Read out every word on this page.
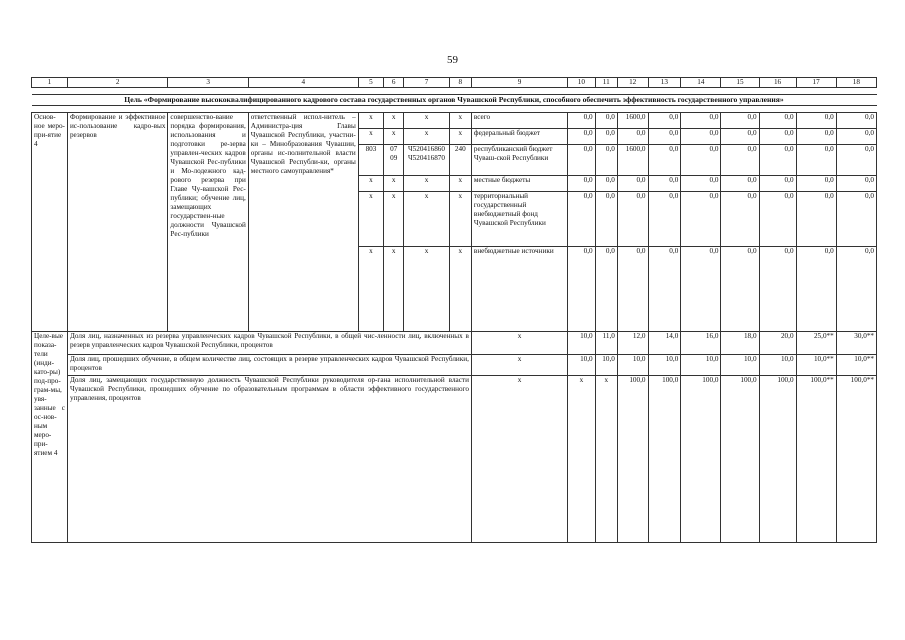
59
1	2	3	4	5	6	7	8	9	10	11	12	13	14	15	16	17	18

Цель «Формирование высококвалифицированного кадрового состава государственных органов Чувашской Республики, способного обеспечить эффективность государственного управления»																	

Основ-ное меро-при-ятие 4	Формирование и эффективное ис-пользование кадро-вых резервов	совершенство-вание порядка формирования, использования и подготовки ре-зерва управлен-ческих кадров Чувашской Рес-публики и Мо-лодежного кад-рового резерва при Главе Чу-вашской Рес-публики; обучение лиц, замещающих государствен-ные должности Чувашской Рес-публики	ответственный испол-нитель – Администра-ция Главы Чувашской Республики, участни-ки – Минобразования Чувашии, органы ис-полнительной власти Чувашской Республи-ки, органы местного самоуправления*	x	x	x	x	всего	0,0	0,0	1600,0	0,0	0,0	0,0	0,0	0,0	0,0
				x	x	x	x	федеральный бюджет	0,0	0,0	0,0	0,0	0,0	0,0	0,0	0,0	0,0
				803	07 09	Ч520416860 Ч520416870	240	республиканский бюджет Чуваш-ской Республики	0,0	0,0	1600,0	0,0	0,0	0,0	0,0	0,0	0,0
				x	x	x	x	местные бюджеты	0,0	0,0	0,0	0,0	0,0	0,0	0,0	0,0	0,0
				x	x	x	x	территориальный государственный внебюджетный фонд Чувашской Республики	0,0	0,0	0,0	0,0	0,0	0,0	0,0	0,0	0,0
				x	x	x	x	внебюджетные источники	0,0	0,0	0,0	0,0	0,0	0,0	0,0	0,0	0,0
Целе-вые показа-тели (инди-като-ры) под-про-грам-мы, увя-занные с ос-нов-ным меро-при-ятием 4	Доля лиц, назначенных из резерва управленческих кадров Чувашской Республики, в общей чис-ленности лиц, включенных в резерв управленческих кадров Чувашской Республики, процентов							x	10,0	11,0	12,0	14,0	16,0	18,0	20,0	25,0**	30,0**
	Доля лиц, прошедших обучение, в общем количестве лиц, состоящих в резерве управленческих кадров Чувашской Республики, процентов							x	10,0	10,0	10,0	10,0	10,0	10,0	10,0	10,0**	10,0**
	Доля лиц, замещающих государственную должность Чувашской Республики руководителя ор-гана исполнительной власти Чувашской Республики, прошедших обучение по образовательным программам в области эффективного государственного управления, процентов							x	x	x	100,0	100,0	100,0	100,0	100,0	100,0**	100,0**
